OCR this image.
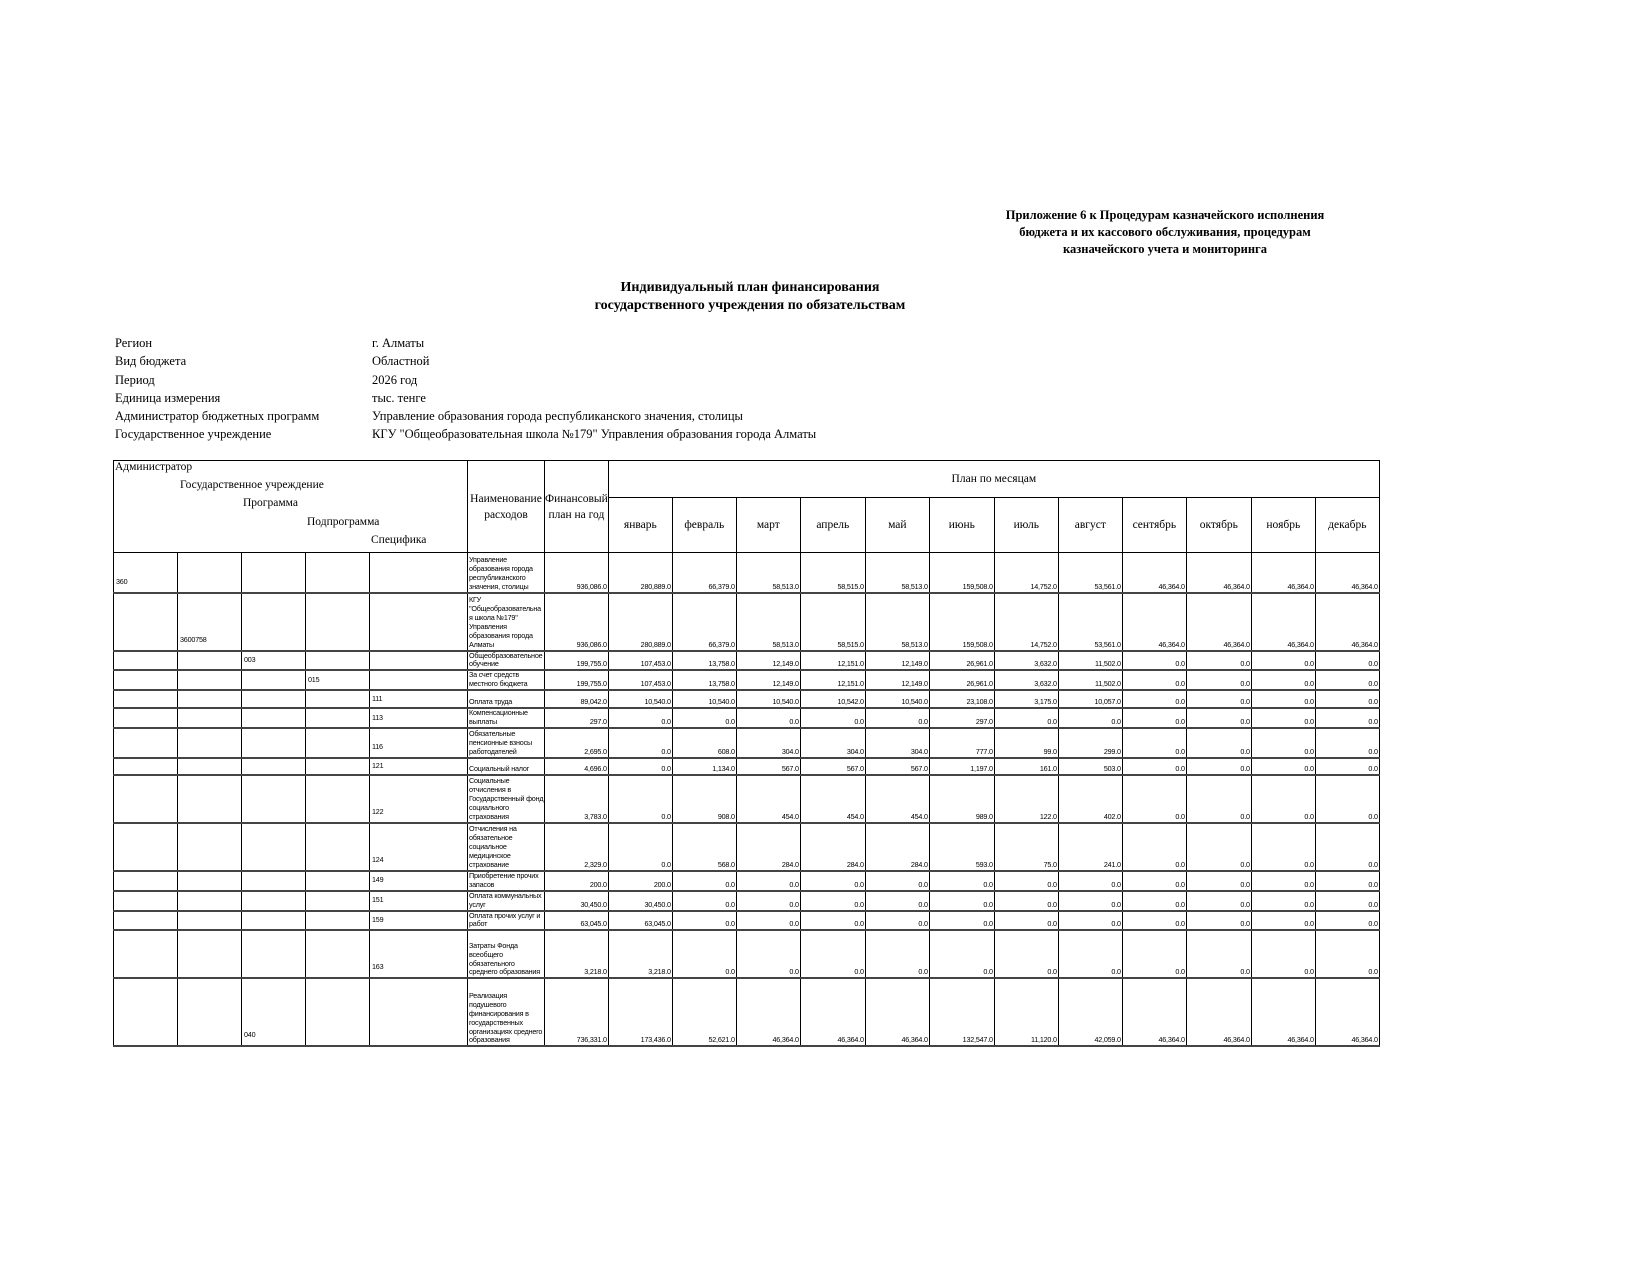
Приложение 6 к Процедурам казначейского исполнения
бюджета и их кассового обслуживания, процедурам
казначейского учета и мониторинга
Индивидуальный план финансирования
государственного учреждения по обязательствам
Регион	г. Алматы
Вид бюджета	Областной
Период	2026 год
Единица измерения	тыс. тенге
Администратор бюджетных программ	Управление образования города республиканского значения, столицы
Государственное учреждение	КГУ "Общеобразовательная школа №179" Управления образования города Алматы
Администратор
Государственное учреждение
Программа
Подпрограмма
Специфика					Наименование расходов	Финансовый план на год	План по месяцам											
							январь	февраль	март	апрель	май	июнь	июль	август	сентябрь	октябрь	ноябрь	декабрь
360					Управление образования города республиканского значения, столицы	936,086.0	280,889.0	66,379.0	58,513.0	58,515.0	58,513.0	159,508.0	14,752.0	53,561.0	46,364.0	46,364.0	46,364.0	46,364.0
	3600758				КГУ "Общеобразовательная школа №179" Управления образования города Алматы	936,086.0	280,889.0	66,379.0	58,513.0	58,515.0	58,513.0	159,508.0	14,752.0	53,561.0	46,364.0	46,364.0	46,364.0	46,364.0
		003			Общеобразовательное обучение	199,755.0	107,453.0	13,758.0	12,149.0	12,151.0	12,149.0	26,961.0	3,632.0	11,502.0	0.0	0.0	0.0	0.0
			015		За счет средств местного бюджета	199,755.0	107,453.0	13,758.0	12,149.0	12,151.0	12,149.0	26,961.0	3,632.0	11,502.0	0.0	0.0	0.0	0.0
				111	Оплата труда	89,042.0	10,540.0	10,540.0	10,540.0	10,542.0	10,540.0	23,108.0	3,175.0	10,057.0	0.0	0.0	0.0	0.0
				113	Компенсационные выплаты	297.0	0.0	0.0	0.0	0.0	0.0	297.0	0.0	0.0	0.0	0.0	0.0	0.0
				116	Обязательные пенсионные взносы работодателей	2,695.0	0.0	608.0	304.0	304.0	304.0	777.0	99.0	299.0	0.0	0.0	0.0	0.0
				121	Социальный налог	4,696.0	0.0	1,134.0	567.0	567.0	567.0	1,197.0	161.0	503.0	0.0	0.0	0.0	0.0
				122	Социальные отчисления в Государственный фонд социального страхования	3,783.0	0.0	908.0	454.0	454.0	454.0	989.0	122.0	402.0	0.0	0.0	0.0	0.0
				124	Отчисления на обязательное социальное медицинское страхование	2,329.0	0.0	568.0	284.0	284.0	284.0	593.0	75.0	241.0	0.0	0.0	0.0	0.0
				149	Приобретение прочих запасов	200.0	200.0	0.0	0.0	0.0	0.0	0.0	0.0	0.0	0.0	0.0	0.0	0.0
				151	Оплата коммунальных услуг	30,450.0	30,450.0	0.0	0.0	0.0	0.0	0.0	0.0	0.0	0.0	0.0	0.0	0.0
				159	Оплата прочих услуг и работ	63,045.0	63,045.0	0.0	0.0	0.0	0.0	0.0	0.0	0.0	0.0	0.0	0.0	0.0
				163	Затраты Фонда всеобщего обязательного среднего образования	3,218.0	3,218.0	0.0	0.0	0.0	0.0	0.0	0.0	0.0	0.0	0.0	0.0	0.0
		040			Реализация подушевого финансирования в государственных организациях среднего образования	736,331.0	173,436.0	52,621.0	46,364.0	46,364.0	46,364.0	132,547.0	11,120.0	42,059.0	46,364.0	46,364.0	46,364.0	46,364.0
